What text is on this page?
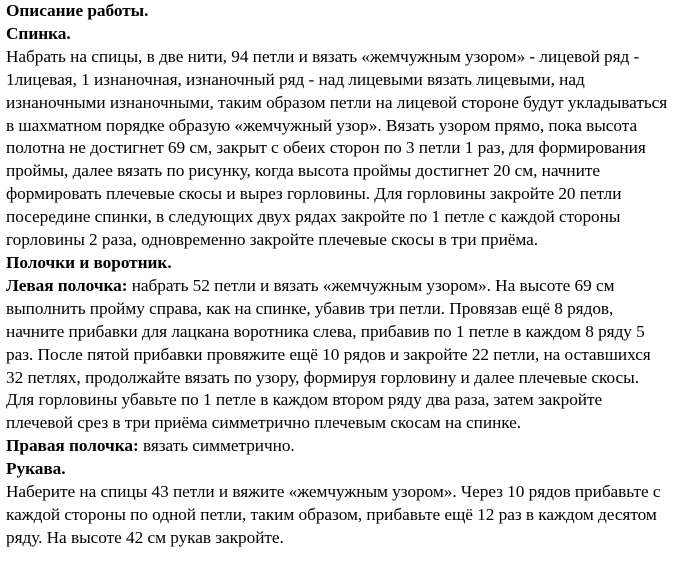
Описание работы.

Спинка.

Набрать на спицы, в две нити, 94 петли и вязать «жемчужным узором» - лицевой ряд - 1лицевая, 1 изнаночная, изнаночный ряд - над лицевыми вязать лицевыми, над изнаночными изнаночными, таким образом петли на лицевой стороне будут укладываться в шахматном порядке образую «жемчужный узор». Вязать узором прямо, пока высота полотна не достигнет 69 см, закрыт с обеих сторон по 3 петли 1 раз, для формирования проймы, далее вязать по рисунку, когда высота проймы достигнет 20 см, начните формировать плечевые скосы и вырез горловины. Для горловины закройте 20 петли посередине спинки, в следующих двух рядах закройте по 1 петле с каждой стороны горловины 2 раза, одновременно закройте плечевые скосы в три приёма.

Полочки и воротник.

Левая полочка: набрать 52 петли и вязать «жемчужным узором». На высоте 69 см выполнить пройму справа, как на спинке, убавив три петли. Провязав ещё 8 рядов, начните прибавки для лацкана воротника слева, прибавив по 1 петле в каждом 8 ряду 5 раз. После пятой прибавки провяжите ещё 10 рядов и закройте 22 петли, на оставшихся 32 петлях, продолжайте вязать по узору, формируя горловину и далее плечевые скосы. Для горловины убавьте по 1 петле в каждом втором ряду два раза, затем закройте плечевой срез в три приёма симметрично плечевым скосам на спинке.

Правая полочка: вязать симметрично.

Рукава.

Наберите на спицы 43 петли и вяжите «жемчужным узором». Через 10 рядов прибавьте с каждой стороны по одной петли, таким образом, прибавьте ещё 12 раз в каждом десятом ряду. На высоте 42 см рукав закройте.
